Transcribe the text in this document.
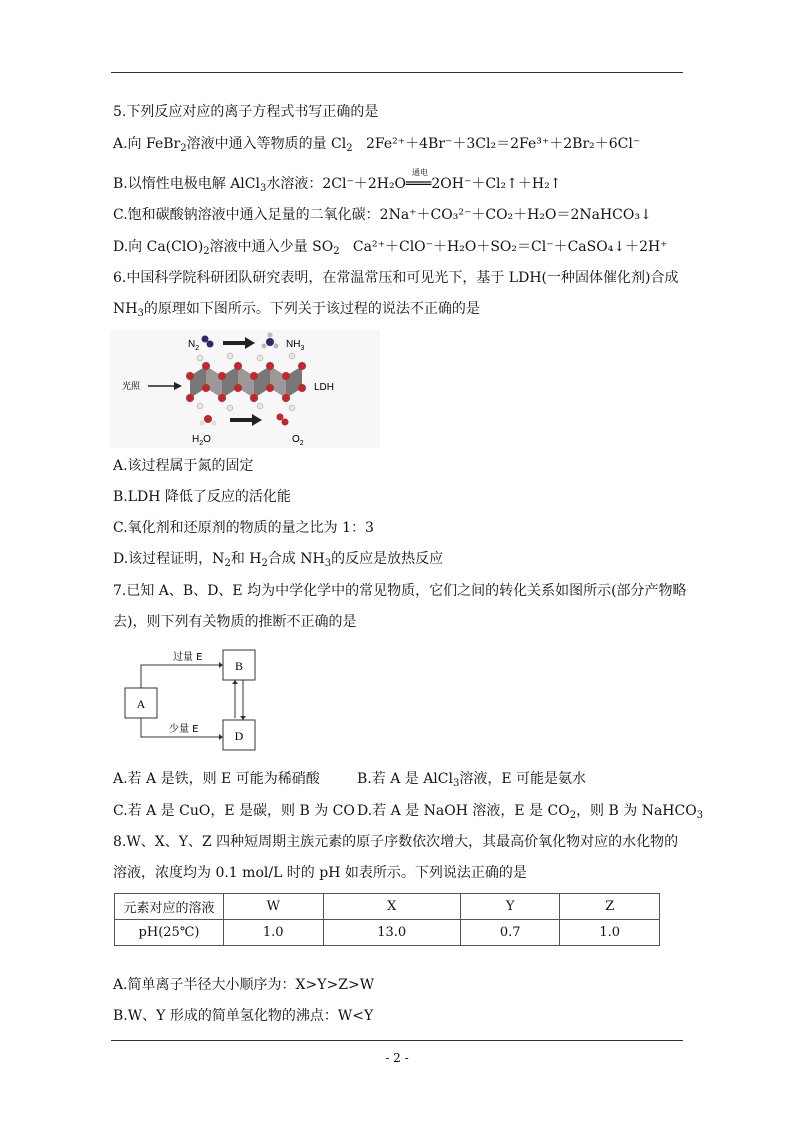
5.下列反应对应的离子方程式书写正确的是
A.向 FeBr$_2$溶液中通入等物质的量 $Cl_2$ 2Fe²⁺＋4Br⁻＋3Cl₂＝2Fe³⁺＋2Br₂＋6Cl⁻
B.以惰性电极电解 AlCl$_3$水溶液：2Cl⁻＋2H₂O
通电
═══2OH⁻＋Cl₂↑＋H₂↑
C.饱和碳酸钠溶液中通入足量的二氧化碳：2Na⁺＋CO₃²⁻＋CO₂＋H₂O＝2NaHCO₃↓
D.向 $Ca(ClO)_2$溶液中通入少量 $SO_2$ Ca²⁺＋ClO⁻＋H₂O＋SO₂＝Cl⁻＋CaSO₄↓＋2H⁺
6.中国科学院科研团队研究表明，在常温常压和可见光下，基于 LDH(一种固体催化剂)合成
$NH_3$的原理如下图所示。下列关于该过程的说法不正确的是
$N_2$	$NH_3$
光照	LDH
$H_2O$	$O_2$
A.该过程属于氮的固定
B.LDH 降低了反应的活化能
C.氧化剂和还原剂的物质的量之比为 1：3
D.该过程证明，$N_2$和 $H_2$合成 $NH_3$的反应是放热反应
7.已知 A、B、D、E 均为中学化学中的常见物质，它们之间的转化关系如图所示(部分产物略
去)，则下列有关物质的推断不正确的是
A
B
D
过量 E
少量 E
A.若 A 是铁，则 E 可能为稀硝酸	B.若 A 是 AlCl$_3$溶液，E 可能是氨水
C.若 A 是 CuO，E 是碳，则 B 为 CO D.若 A 是 NaOH 溶液，E 是 $CO_2$，则 B 为 NaHCO$_3$
8.W、X、Y、Z 四种短周期主族元素的原子序数依次增大，其最高价氧化物对应的水化物的
溶液，浓度均为 0.1 mol/L 时的 pH 如表所示。下列说法正确的是
元素对应的溶液	W	X	Y	Z
pH(25℃)	1.0	13.0	0.7	1.0
A.简单离子半径大小顺序为：X>Y>Z>W
B.W、Y 形成的简单氢化物的沸点：W<Y
- 2 -
